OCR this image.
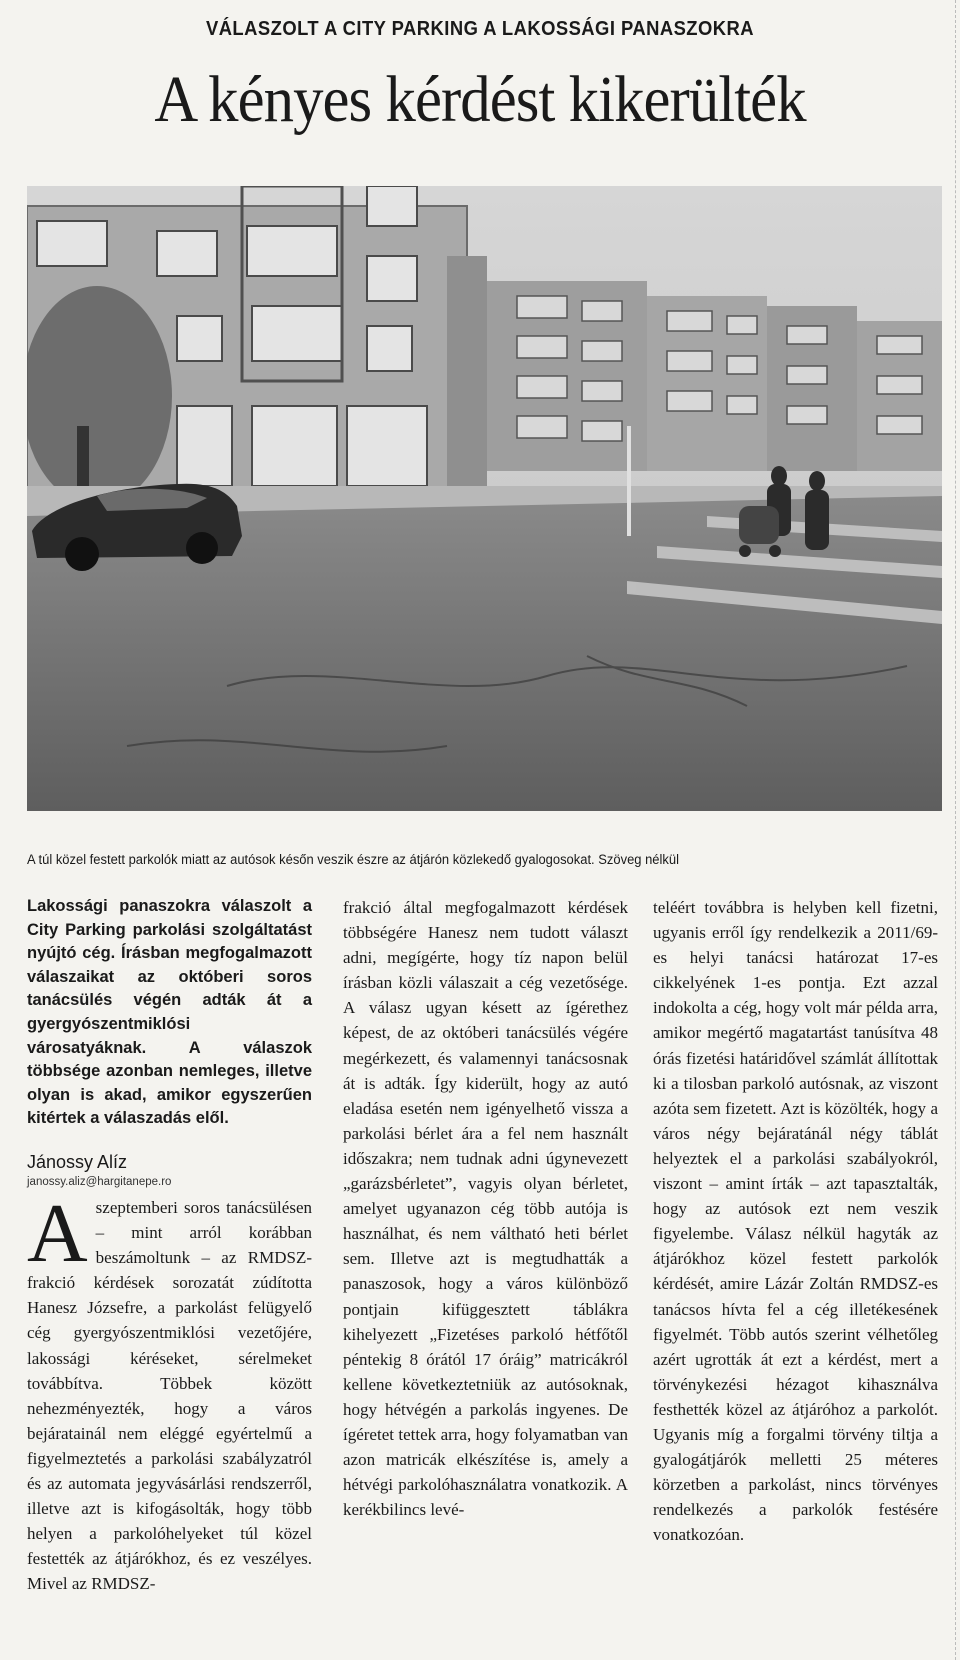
VÁLASZOLT A CITY PARKING A LAKOSSÁGI PANASZOKRA
A kényes kérdést kikerülték
A túl közel festett parkolók miatt az autósok későn veszik észre az átjárón közlekedő gyalogosokat. Szöveg nélkül

Lakossági panaszokra válaszolt a City Parking parkolási szolgáltatást nyújtó cég. Írásban megfogalmazott válaszaikat az októberi soros tanácsülés végén adták át a gyergyószentmiklósi városatyáknak. A válaszok többsége azonban nemleges, illetve olyan is akad, amikor egyszerűen kitértek a válaszadás elől.

Jánossy Alíz
janossy.aliz@hargitanepe.ro

Aszeptemberi soros tanácsülésen – mint arról korábban beszámoltunk – az RMDSZ-frakció kérdések sorozatát zúdította Hanesz Józsefre, a parkolást felügyelő cég gyergyószentmiklósi vezetőjére, lakossági kéréseket, sérelmeket továbbítva. Többek között nehezményezték, hogy a város bejáratainál nem eléggé egyértelmű a figyelmeztetés a parkolási szabályzatról és az automata jegyvásárlási rendszerről, illetve azt is kifogásolták, hogy több helyen a parkolóhelyeket túl közel festették az átjárókhoz, és ez veszélyes. Mivel az RMDSZ-

frakció által megfogalmazott kérdések többségére Hanesz nem tudott választ adni, megígérte, hogy tíz napon belül írásban közli válaszait a cég vezetősége. A válasz ugyan késett az ígérethez képest, de az októberi tanácsülés végére megérkezett, és valamennyi tanácsosnak át is adták. Így kiderült, hogy az autó eladása esetén nem igényelhető vissza a parkolási bérlet ára a fel nem használt időszakra; nem tudnak adni úgynevezett „garázsbérletet”, vagyis olyan bérletet, amelyet ugyanazon cég több autója is használhat, és nem váltható heti bérlet sem. Illetve azt is megtudhatták a panaszosok, hogy a város különböző pontjain kifüggesztett táblákra kihelyezett „Fizetéses parkoló hétfőtől péntekig 8 órától 17 óráig” matricákról kellene következtetniük az autósoknak, hogy hétvégén a parkolás ingyenes. De ígéretet tettek arra, hogy folyamatban van azon matricák elkészítése is, amely a hétvégi parkolóhasználatra vonatkozik. A kerékbilincs levé-
teléért továbbra is helyben kell fizetni, ugyanis erről így rendelkezik a 2011/69-es helyi tanácsi határozat 17-es cikkelyének 1-es pontja. Ezt azzal indokolta a cég, hogy volt már példa arra, amikor megértő magatartást tanúsítva 48 órás fizetési határidővel számlát állítottak ki a tilosban parkoló autósnak, az viszont azóta sem fizetett. Azt is közölték, hogy a város négy bejáratánál négy táblát helyeztek el a parkolási szabályokról, viszont – amint írták – azt tapasztalták, hogy az autósok ezt nem veszik figyelembe. Válasz nélkül hagyták az átjárókhoz közel festett parkolók kérdését, amire Lázár Zoltán RMDSZ-es tanácsos hívta fel a cég illetékesének figyelmét. Több autós szerint vélhetőleg azért ugrották át ezt a kérdést, mert a törvénykezési hézagot kihasználva festhették közel az átjáróhoz a parkolót. Ugyanis míg a forgalmi törvény tiltja a gyalogátjárók melletti 25 méteres körzetben a parkolást, nincs törvényes rendelkezés a parkolók festésére vonatkozóan.
